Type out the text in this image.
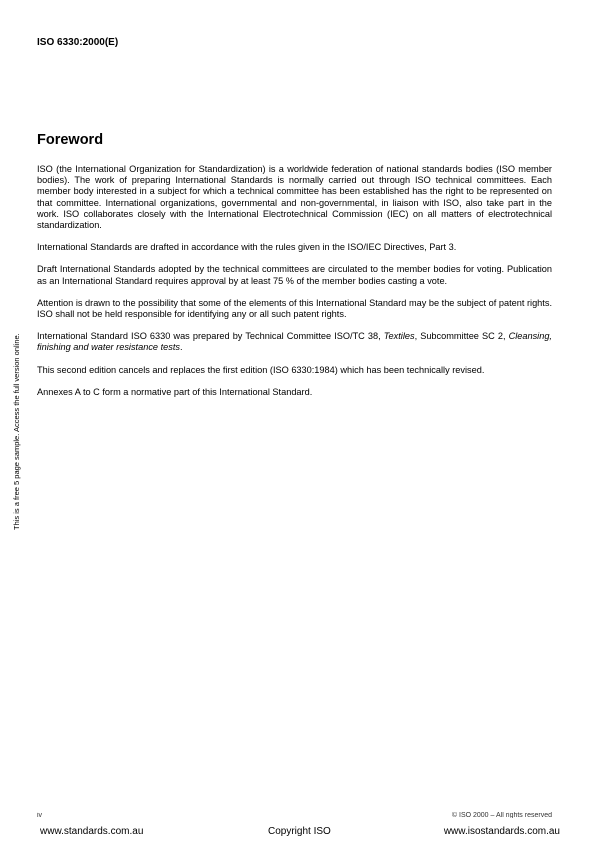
ISO 6330:2000(E)
This is a free 5 page sample. Access the full version online.
Foreword

ISO (the International Organization for Standardization) is a worldwide federation of national standards bodies (ISO member bodies). The work of preparing International Standards is normally carried out through ISO technical committees. Each member body interested in a subject for which a technical committee has been established has the right to be represented on that committee. International organizations, governmental and non-governmental, in liaison with ISO, also take part in the work. ISO collaborates closely with the International Electrotechnical Commission (IEC) on all matters of electrotechnical standardization.

International Standards are drafted in accordance with the rules given in the ISO/IEC Directives, Part 3.

Draft International Standards adopted by the technical committees are circulated to the member bodies for voting. Publication as an International Standard requires approval by at least 75 % of the member bodies casting a vote.

Attention is drawn to the possibility that some of the elements of this International Standard may be the subject of patent rights. ISO shall not be held responsible for identifying any or all such patent rights.

International Standard ISO 6330 was prepared by Technical Committee ISO/TC 38, Textiles, Subcommittee SC 2, Cleansing, finishing and water resistance tests.

This second edition cancels and replaces the first edition (ISO 6330:1984) which has been technically revised.

Annexes A to C form a normative part of this International Standard.

iv	© ISO 2000 – All rights reserved
www.standards.com.au	Copyright ISO	www.isostandards.com.au
